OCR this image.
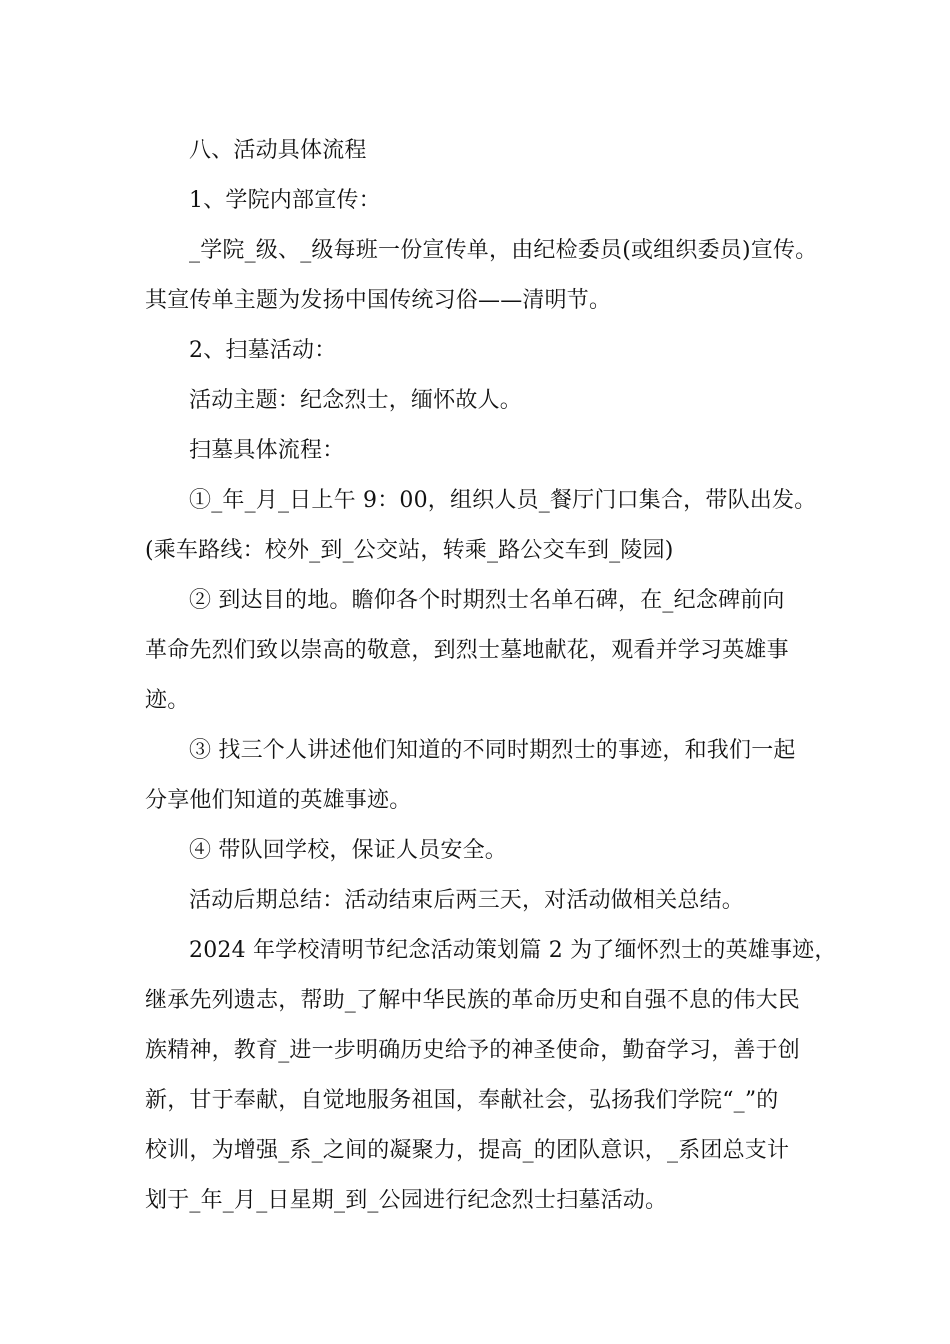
八、活动具体流程
1、学院内部宣传：
_学院_级、_级每班一份宣传单，由纪检委员(或组织委员)宣传。
其宣传单主题为发扬中国传统习俗——清明节。
2、扫墓活动：
活动主题：纪念烈士，缅怀故人。
扫墓具体流程：
①_年_月_日上午 9：00，组织人员_餐厅门口集合，带队出发。
(乘车路线：校外_到_公交站，转乘_路公交车到_陵园)
② 到达目的地。瞻仰各个时期烈士名单石碑，在_纪念碑前向
革命先烈们致以崇高的敬意，到烈士墓地献花，观看并学习英雄事
迹。
③ 找三个人讲述他们知道的不同时期烈士的事迹，和我们一起
分享他们知道的英雄事迹。
④ 带队回学校，保证人员安全。
活动后期总结：活动结束后两三天，对活动做相关总结。
2024 年学校清明节纪念活动策划篇 2 为了缅怀烈士的英雄事迹，
继承先列遗志，帮助_了解中华民族的革命历史和自强不息的伟大民
族精神，教育_进一步明确历史给予的神圣使命，勤奋学习，善于创
新，甘于奉献，自觉地服务祖国，奉献社会，弘扬我们学院“_”的
校训，为增强_系_之间的凝聚力，提高_的团队意识，_系团总支计
划于_年_月_日星期_到_公园进行纪念烈士扫墓活动。
